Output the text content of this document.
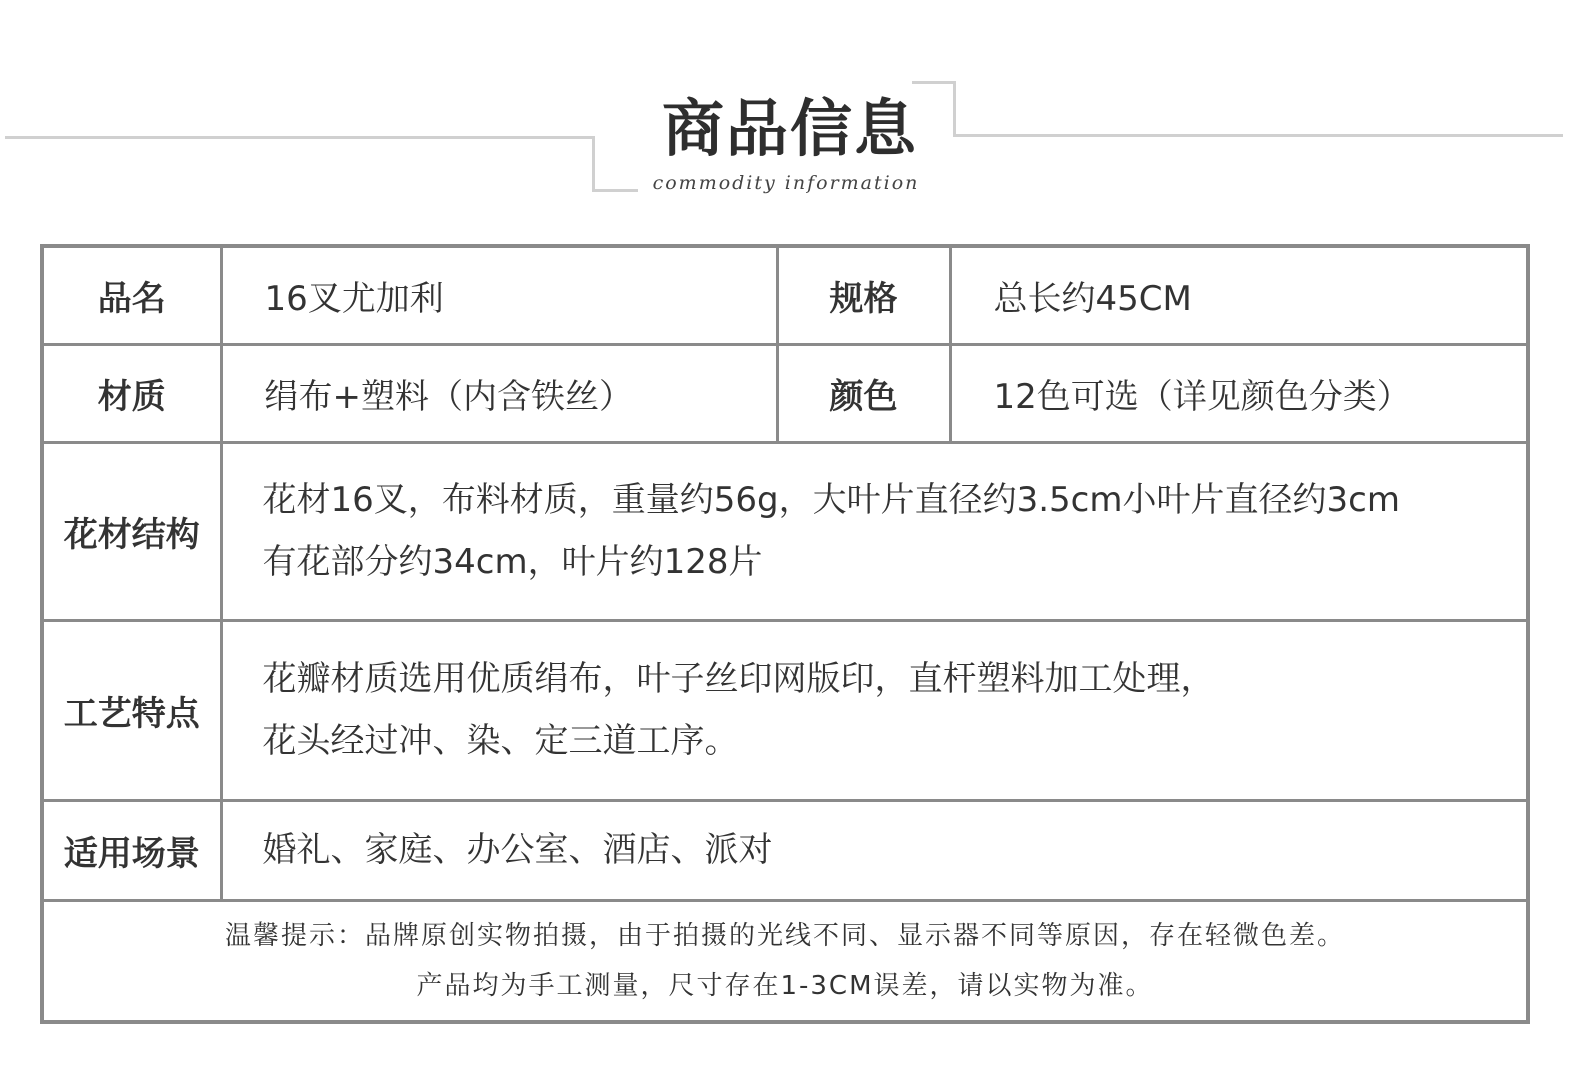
商品信息
commodity information
品名	16叉尤加利	规格	总长约45CM
材质	绢布+塑料（内含铁丝）	颜色	12色可选（详见颜色分类）
花材结构	花材16叉，布料材质，重量约56g，大叶片直径约3.5cm小叶片直径约3cm
有花部分约34cm，叶片约128片		

工艺特点	花瓣材质选用优质绢布，叶子丝印网版印，直杆塑料加工处理，
花头经过冲、染、定三道工序。		

适用场景	婚礼、家庭、办公室、酒店、派对		

温馨提示：品牌原创实物拍摄，由于拍摄的光线不同、显示器不同等原因，存在轻微色差。
产品均为手工测量，尺寸存在1-3CM误差，请以实物为准。			
